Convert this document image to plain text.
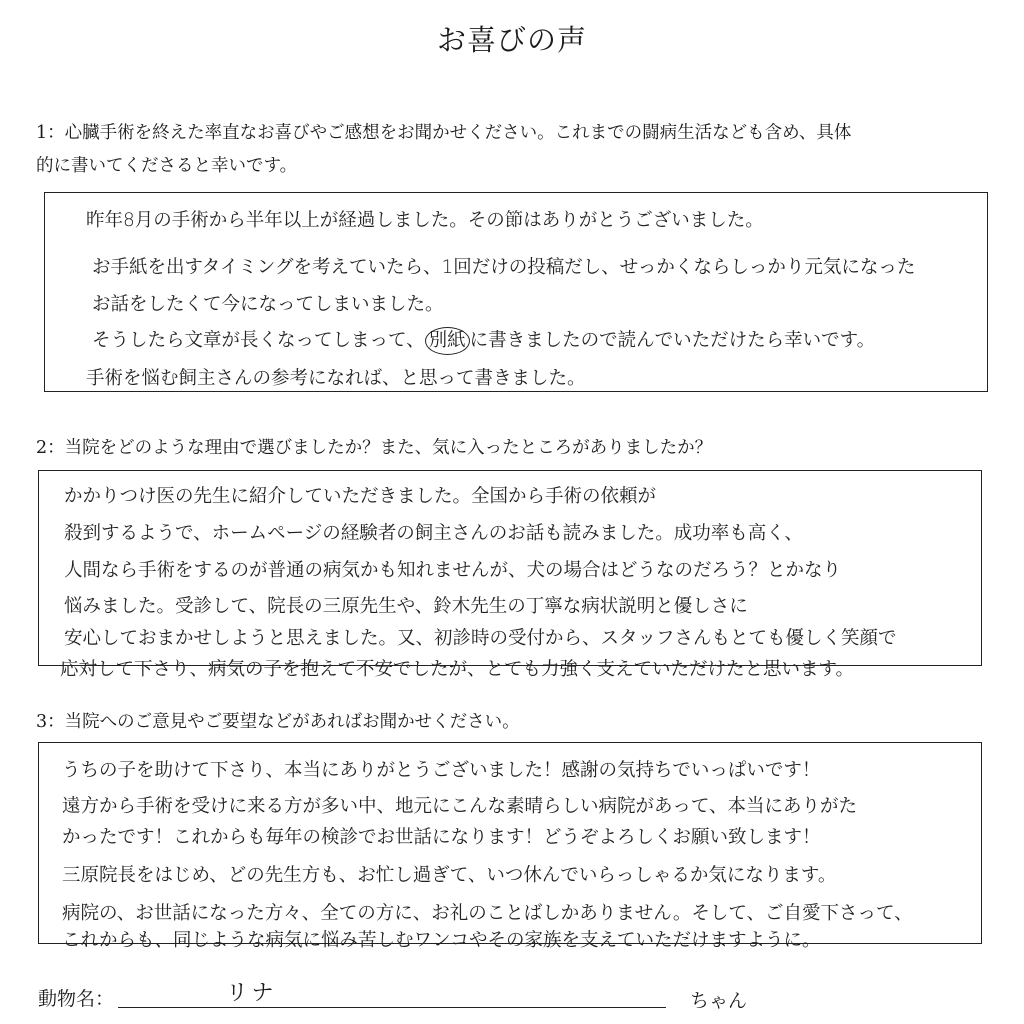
お喜びの声
1：心臓手術を終えた率直なお喜びやご感想をお聞かせください。これまでの闘病生活なども含め、具体
的に書いてくださると幸いです。
昨年8月の手術から半年以上が経過しました。その節はありがとうございました。
お手紙を出すタイミングを考えていたら、1回だけの投稿だし、せっかくならしっかり元気になった
お話をしたくて今になってしまいました。
そうしたら文章が長くなってしまって、 別紙 に書きましたので読んでいただけたら幸いです。
手術を悩む飼主さんの参考になれば、と思って書きました。
2：当院をどのような理由で選びましたか？また、気に入ったところがありましたか？
かかりつけ医の先生に紹介していただきました。全国から手術の依頼が
殺到するようで、ホームページの経験者の飼主さんのお話も読みました。成功率も高く、
人間なら手術をするのが普通の病気かも知れませんが、犬の場合はどうなのだろう？とかなり
悩みました。受診して、院長の三原先生や、鈴木先生の丁寧な病状説明と優しさに
安心しておまかせしようと思えました。又、初診時の受付から、スタッフさんもとても優しく笑顔で
応対して下さり、病気の子を抱えて不安でしたが、とても力強く支えていただけたと思います。
3：当院へのご意見やご要望などがあればお聞かせください。
うちの子を助けて下さり、本当にありがとうございました！感謝の気持ちでいっぱいです！
遠方から手術を受けに来る方が多い中、地元にこんな素晴らしい病院があって、本当にありがた
かったです！これからも毎年の検診でお世話になります！どうぞよろしくお願い致します！
三原院長をはじめ、どの先生方も、お忙し過ぎて、いつ休んでいらっしゃるか気になります。
病院の、お世話になった方々、全ての方に、お礼のことばしかありません。そして、ご自愛下さって、
これからも、同じような病気に悩み苦しむワンコやその家族を支えていただけますように。
動物名：	リナ	ちゃん
